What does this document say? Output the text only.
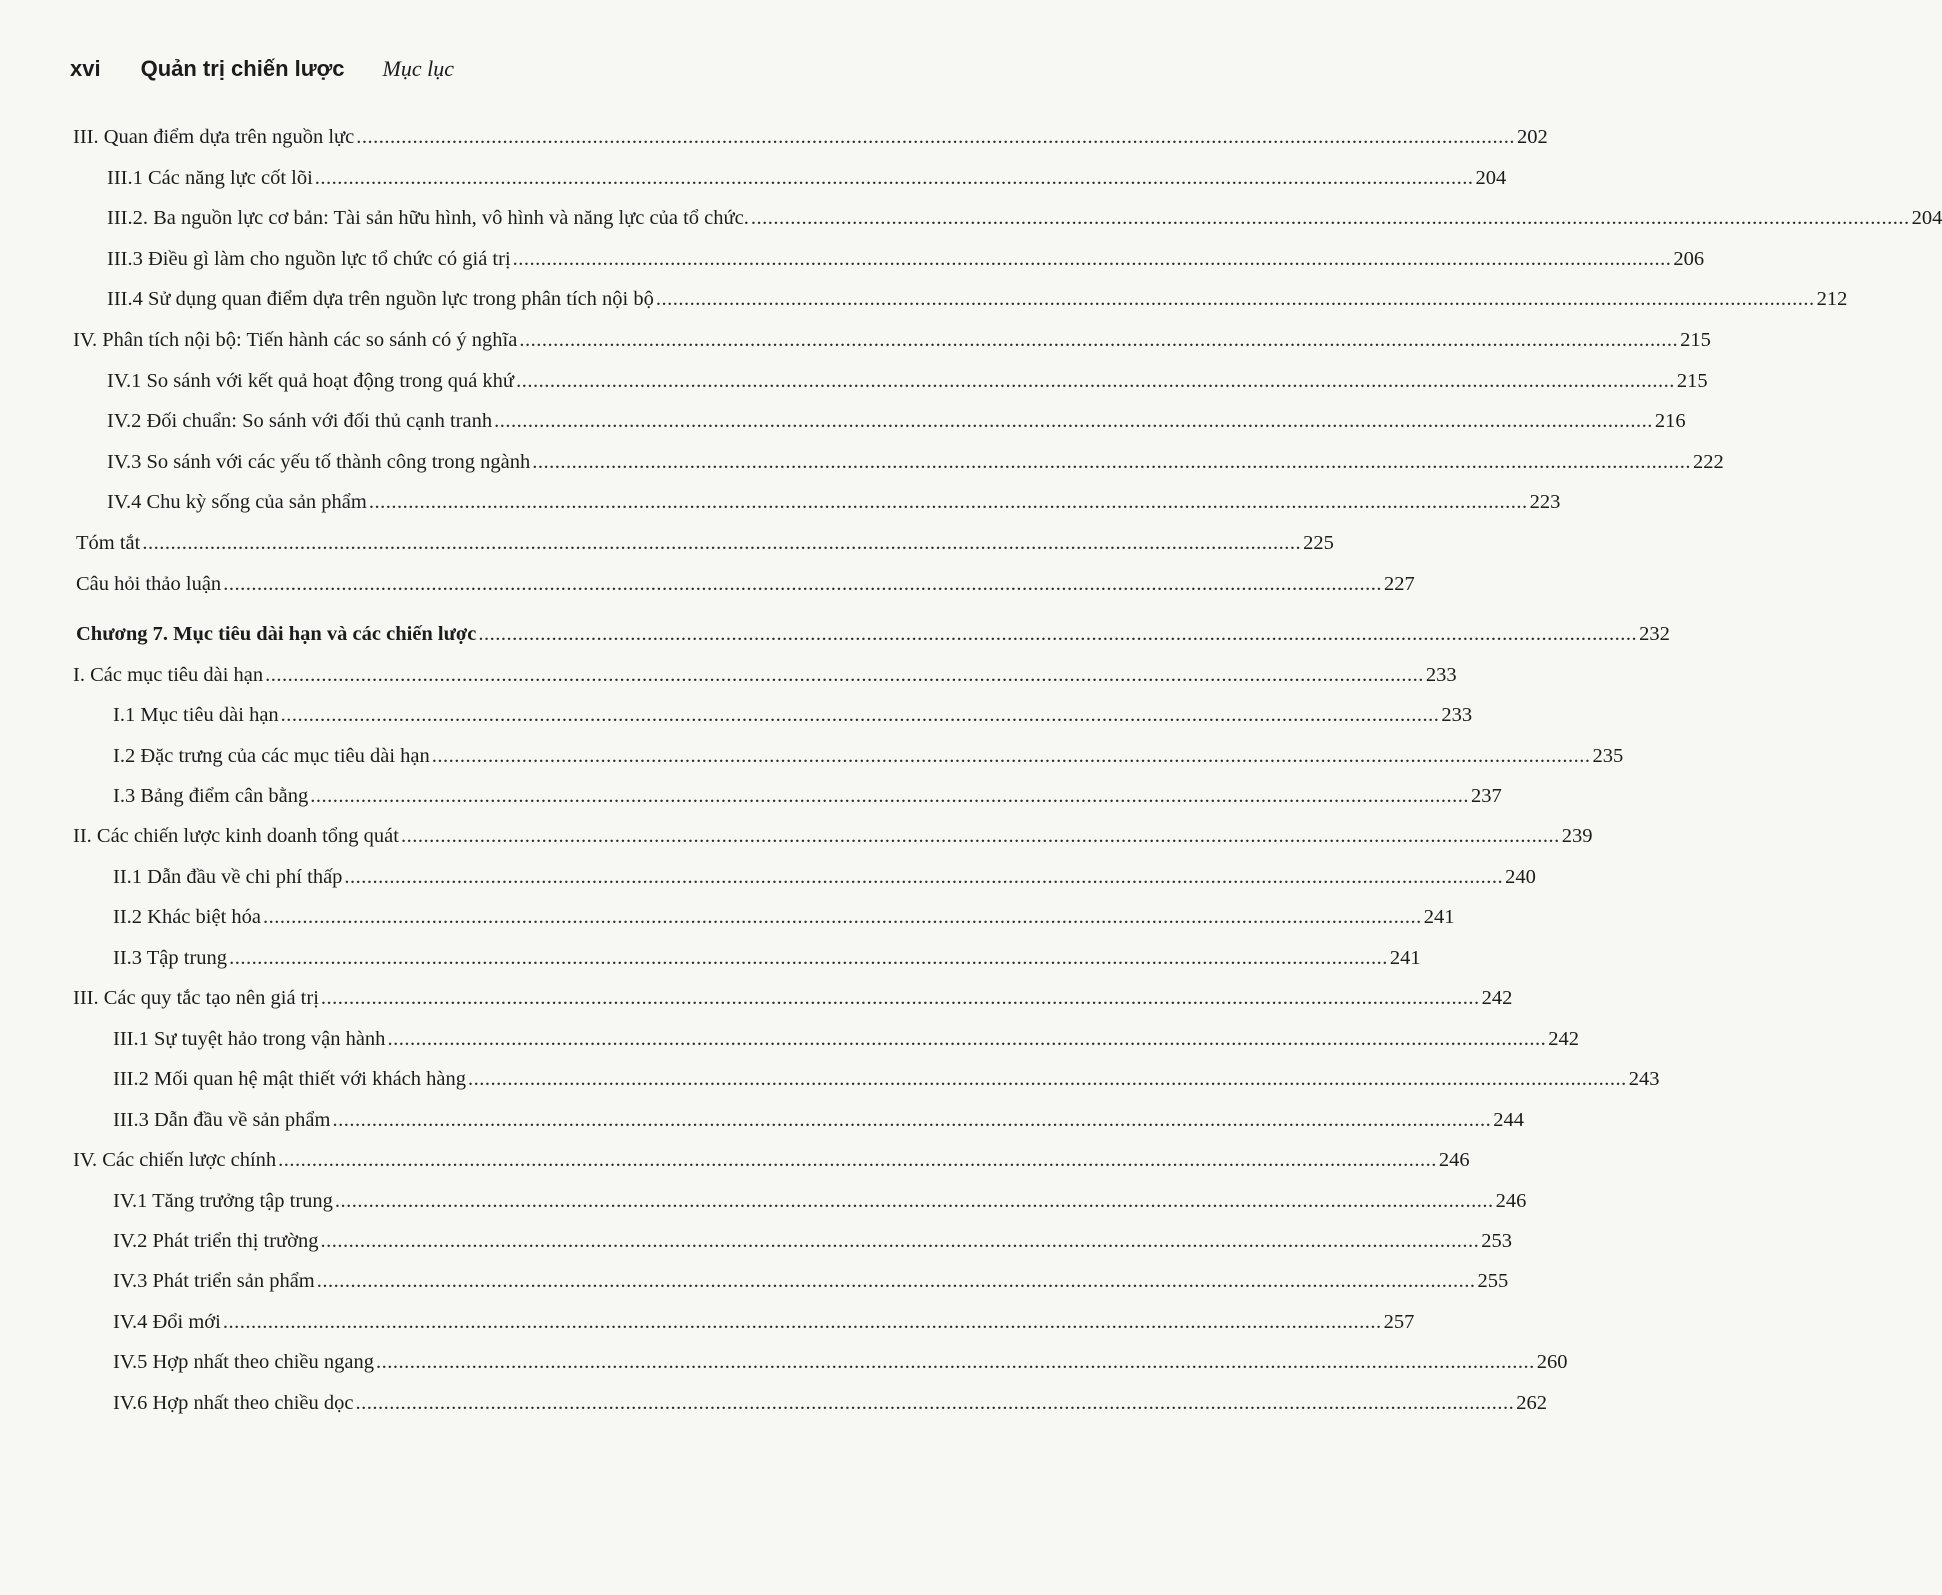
xvi Quản trị chiến lược Mục lục
III. Quan điểm dựa trên nguồn lực .............................................................................................................................................................................................................. 202
III.1 Các năng lực cốt lõi .............................................................................................................................................................................................................. 204
III.2. Ba nguồn lực cơ bản: Tài sản hữu hình, vô hình và năng lực của tổ chức. .............................................................................................................................................................................................................. 204
III.3 Điều gì làm cho nguồn lực tổ chức có giá trị .............................................................................................................................................................................................................. 206
III.4 Sử dụng quan điểm dựa trên nguồn lực trong phân tích nội bộ .............................................................................................................................................................................................................. 212
IV. Phân tích nội bộ: Tiến hành các so sánh có ý nghĩa .............................................................................................................................................................................................................. 215
IV.1 So sánh với kết quả hoạt động trong quá khứ .............................................................................................................................................................................................................. 215
IV.2 Đối chuẩn: So sánh với đối thủ cạnh tranh .............................................................................................................................................................................................................. 216
IV.3 So sánh với các yếu tố thành công trong ngành .............................................................................................................................................................................................................. 222
IV.4 Chu kỳ sống của sản phẩm .............................................................................................................................................................................................................. 223
Tóm tắt .............................................................................................................................................................................................................. 225
Câu hỏi thảo luận .............................................................................................................................................................................................................. 227
Chương 7. Mục tiêu dài hạn và các chiến lược .............................................................................................................................................................................................................. 232
I. Các mục tiêu dài hạn .............................................................................................................................................................................................................. 233
I.1 Mục tiêu dài hạn .............................................................................................................................................................................................................. 233
I.2 Đặc trưng của các mục tiêu dài hạn .............................................................................................................................................................................................................. 235
I.3 Bảng điểm cân bằng .............................................................................................................................................................................................................. 237
II. Các chiến lược kinh doanh tổng quát .............................................................................................................................................................................................................. 239
II.1 Dẫn đầu về chi phí thấp .............................................................................................................................................................................................................. 240
II.2 Khác biệt hóa .............................................................................................................................................................................................................. 241
II.3 Tập trung .............................................................................................................................................................................................................. 241
III. Các quy tắc tạo nên giá trị .............................................................................................................................................................................................................. 242
III.1 Sự tuyệt hảo trong vận hành .............................................................................................................................................................................................................. 242
III.2 Mối quan hệ mật thiết với khách hàng .............................................................................................................................................................................................................. 243
III.3 Dẫn đầu về sản phẩm .............................................................................................................................................................................................................. 244
IV. Các chiến lược chính .............................................................................................................................................................................................................. 246
IV.1 Tăng trưởng tập trung .............................................................................................................................................................................................................. 246
IV.2 Phát triển thị trường .............................................................................................................................................................................................................. 253
IV.3 Phát triển sản phẩm .............................................................................................................................................................................................................. 255
IV.4 Đổi mới .............................................................................................................................................................................................................. 257
IV.5 Hợp nhất theo chiều ngang .............................................................................................................................................................................................................. 260
IV.6 Hợp nhất theo chiều dọc .............................................................................................................................................................................................................. 262
